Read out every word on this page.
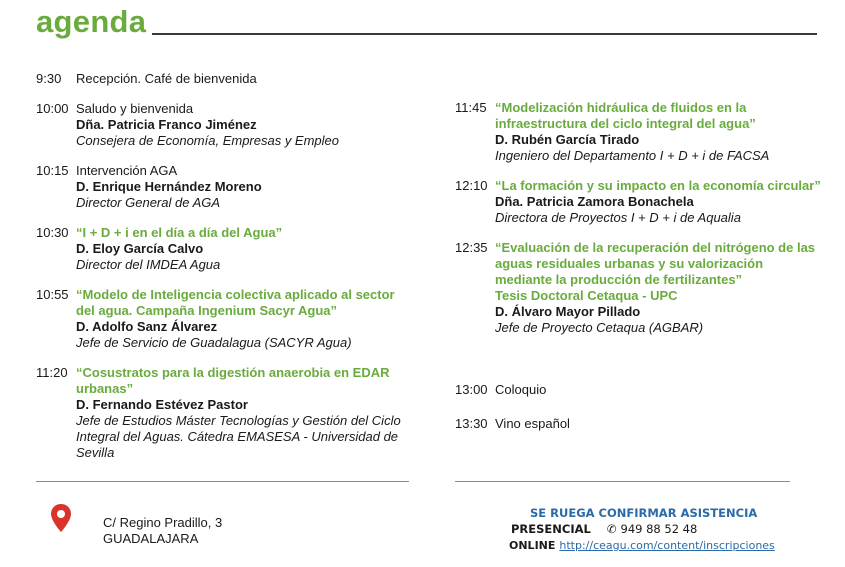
agenda
9:30 Recepción. Café de bienvenida
10:00 Saludo y bienvenida
Dña. Patricia Franco Jiménez
Consejera de Economía, Empresas y Empleo
10:15 Intervención AGA
D. Enrique Hernández Moreno
Director General de AGA
10:30 “I + D + i en el día a día del Agua”
D. Eloy García Calvo
Director del IMDEA Agua
10:55 “Modelo de Inteligencia colectiva aplicado al sector
del agua. Campaña Ingenium Sacyr Agua”
D. Adolfo Sanz Álvarez
Jefe de Servicio de Guadalagua (SACYR Agua)
11:20 “Cosustratos para la digestión anaerobia en EDAR
urbanas”
D. Fernando Estévez Pastor
Jefe de Estudios Máster Tecnologías y Gestión del Ciclo
Integral del Aguas. Cátedra EMASESA - Universidad de
Sevilla
11:45 “Modelización hidráulica de fluidos en la
infraestructura del ciclo integral del agua”
D. Rubén García Tirado
Ingeniero del Departamento I + D + i de FACSA
12:10 “La formación y su impacto en la economía circular”
Dña. Patricia Zamora Bonachela
Directora de Proyectos I + D + i de Aqualia
12:35 “Evaluación de la recuperación del nitrógeno de las
aguas residuales urbanas y su valorización
mediante la producción de fertilizantes”
Tesis Doctoral Cetaqua - UPC
D. Álvaro Mayor Pillado
Jefe de Proyecto Cetaqua (AGBAR)
13:00 Coloquio
13:30 Vino español
C/ Regino Pradillo, 3
GUADALAJARA
SE RUEGA CONFIRMAR ASISTENCIA
PRESENCIAL ✆ 949 88 52 48
ONLINE http://ceagu.com/content/inscripciones
